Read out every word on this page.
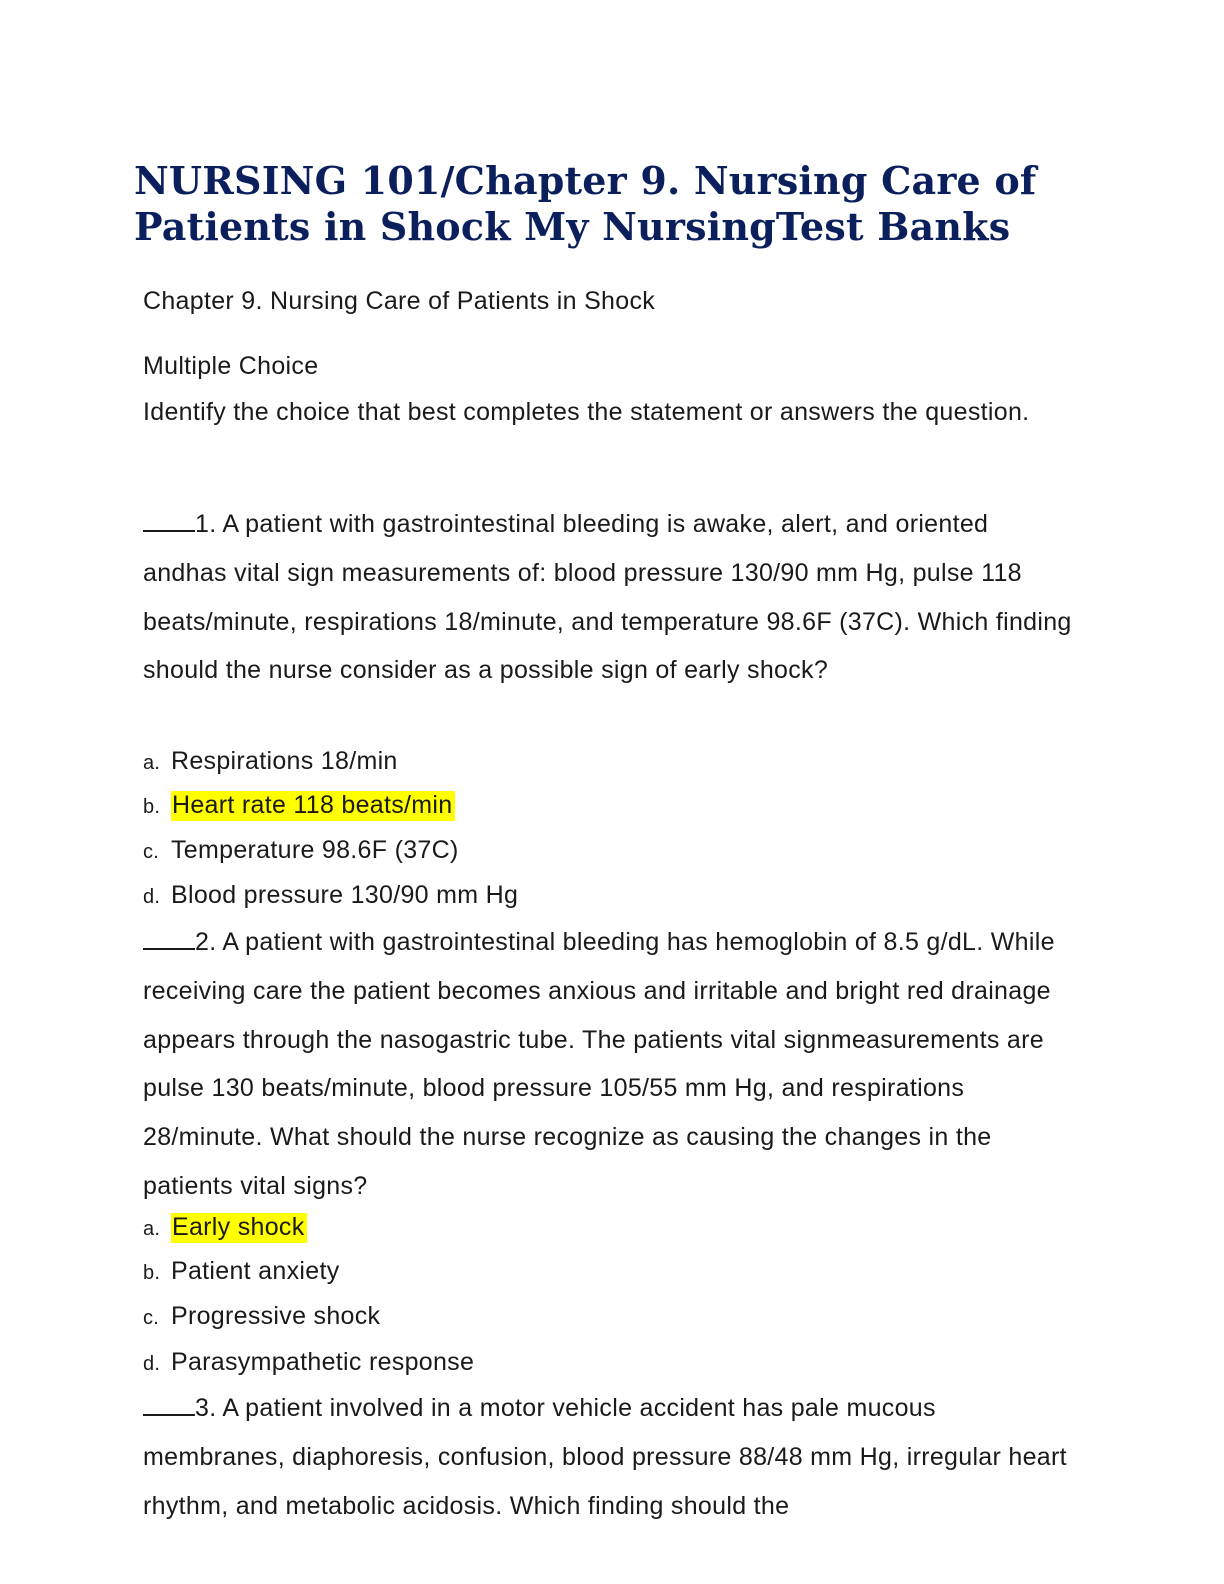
NURSING 101/Chapter 9. Nursing Care of Patients in Shock My NursingTest Banks

Chapter 9. Nursing Care of Patients in Shock

Multiple Choice

Identify the choice that best completes the statement or answers the question.

1. A patient with gastrointestinal bleeding is awake, alert, and oriented andhas vital sign measurements of: blood pressure 130/90 mm Hg, pulse 118 beats/minute, respirations 18/minute, and temperature 98.6F (37C). Which finding should the nurse consider as a possible sign of early shock?
a. Respirations 18/min
b. Heart rate 118 beats/min
c. Temperature 98.6F (37C)
d. Blood pressure 130/90 mm Hg
2. A patient with gastrointestinal bleeding has hemoglobin of 8.5 g/dL. While receiving care the patient becomes anxious and irritable and bright red drainage appears through the nasogastric tube. The patients vital signmeasurements are pulse 130 beats/minute, blood pressure 105/55 mm Hg, and respirations 28/minute. What should the nurse recognize as causing the changes in the patients vital signs?
a. Early shock
b. Patient anxiety
c. Progressive shock
d. Parasympathetic response
3. A patient involved in a motor vehicle accident has pale mucous membranes, diaphoresis, confusion, blood pressure 88/48 mm Hg, irregular heart rhythm, and metabolic acidosis. Which finding should the
